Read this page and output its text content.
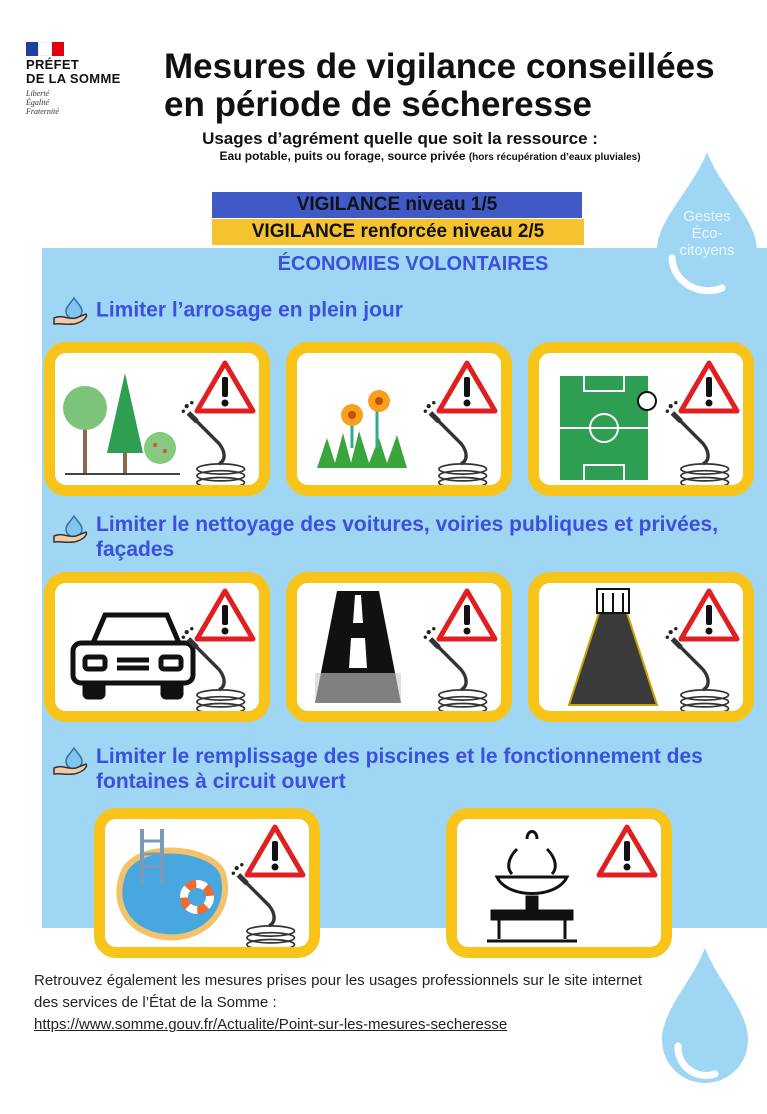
PRÉFET
DE LA SOMME
Liberté
Égalité
Fraternité
Mesures de vigilance conseillées
en période de sécheresse
Usages d’agrément quelle que soit la ressource :
Eau potable, puits ou forage, source privée (hors récupération d’eaux pluviales)
VIGILANCE niveau 1/5
VIGILANCE renforcée niveau 2/5
ÉCONOMIES VOLONTAIRES
Gestes
Éco-
citoyens
Limiter l’arrosage en plein jour
Limiter le nettoyage des voitures, voiries publiques et privées, façades
Limiter le remplissage des piscines et le fonctionnement des fontaines à circuit ouvert
Retrouvez également les mesures prises pour les usages professionnels sur le site internet des services de l’État de la Somme :
https://www.somme.gouv.fr/Actualite/Point-sur-les-mesures-secheresse
